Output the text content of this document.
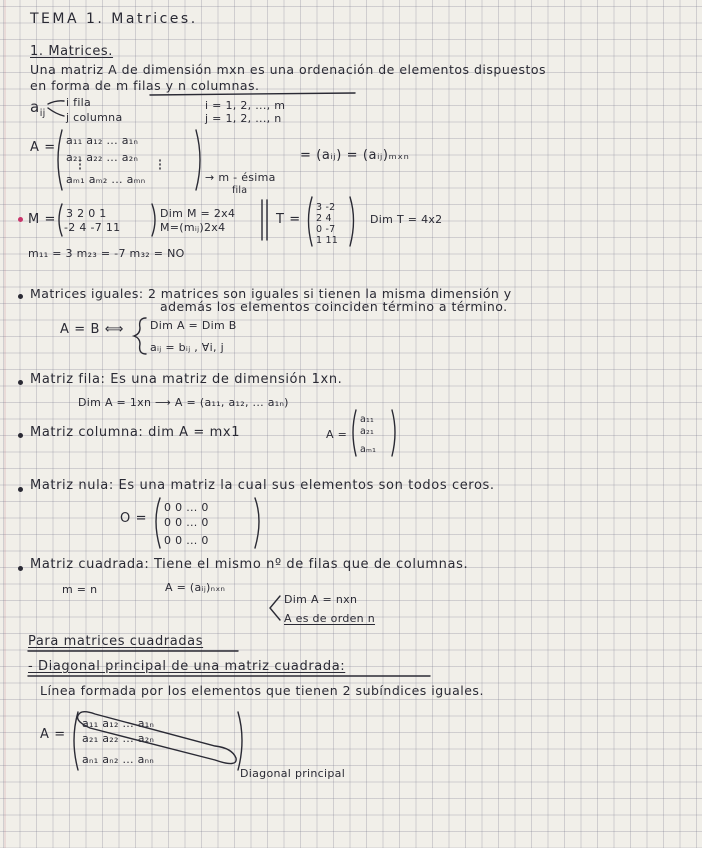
TEMA 1. Matrices.
1. Matrices.
Una matriz A de dimensión mxn es una ordenación de elementos dispuestos
en forma de m filas y n columnas.
$a_{ij}$
i fila
j columna
i = 1, 2, ..., m
j = 1, 2, ..., n
A = a₁₁ a₁₂ ... a₁ₙ
a₂₁ a₂₂ ... a₂ₙ
aₘ₁ aₘ₂ ... aₘₙ
= (aᵢⱼ) = (aᵢⱼ)ₘₓₙ
→ m - ésima
fila
M = 3 2 0 1
-2 4 -7 11
Dim M = 2x4
M=(mᵢⱼ)2x4
T =
3 -2
2 4
0 -7
1 11
Dim T = 4x2
m₁₁ = 3 m₂₃ = -7 m₃₂ = NO
Matrices iguales: 2 matrices son iguales si tienen la misma dimensión y
además los elementos coinciden término a término.
A = B ⟺ Dim A = Dim B
aᵢⱼ = bᵢⱼ , ∀i, j
Matriz fila: Es una matriz de dimensión 1xn.
Dim A = 1xn ⟶ A = (a₁₁, a₁₂, ... a₁ₙ)
Matriz columna: dim A = mx1	A =
a₁₁
a₂₁
aₘ₁
Matriz nula: Es una matriz la cual sus elementos son todos ceros.
O =
0 0 ... 0
0 0 ... 0
0 0 ... 0
Matriz cuadrada: Tiene el mismo nº de filas que de columnas.
m = n	A = (aᵢⱼ)ₙₓₙ
Dim A = nxn
A es de orden n
Para matrices cuadradas
- Diagonal principal de una matriz cuadrada:
Línea formada por los elementos que tienen 2 subíndices iguales.
A =
a₁₁ a₁₂ ... a₁ₙ
a₂₁ a₂₂ ... a₂ₙ
aₙ₁ aₙ₂ ... aₙₙ
Diagonal principal
